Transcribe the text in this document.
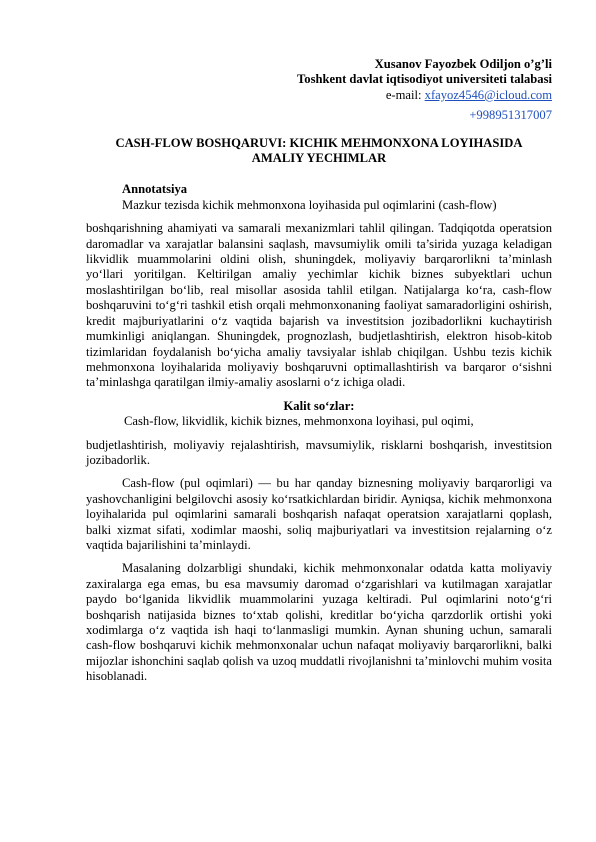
Xusanov Fayozbek Odiljon o’g’li
Toshkent davlat iqtisodiyot universiteti talabasi
e-mail: xfayoz4546@icloud.com
+998951317007
CASH-FLOW BOSHQARUVI: KICHIK MEHMONXONA LOYIHASIDA AMALIY YECHIMLAR
Annotatsiya

Mazkur tezisda kichik mehmonxona loyihasida pul oqimlarini (cash-flow)

boshqarishning ahamiyati va samarali mexanizmlari tahlil qilingan. Tadqiqotda operatsion daromadlar va xarajatlar balansini saqlash, mavsumiylik omili ta’sirida yuzaga keladigan likvidlik muammolarini oldini olish, shuningdek, moliyaviy barqarorlikni ta’minlash yo‘llari yoritilgan. Keltirilgan amaliy yechimlar kichik biznes subyektlari uchun moslashtirilgan bo‘lib, real misollar asosida tahlil etilgan. Natijalarga ko‘ra, cash-flow boshqaruvini to‘g‘ri tashkil etish orqali mehmonxonaning faoliyat samaradorligini oshirish, kredit majburiyatlarini o‘z vaqtida bajarish va investitsion jozibadorlikni kuchaytirish mumkinligi aniqlangan. Shuningdek, prognozlash, budjetlashtirish, elektron hisob-kitob tizimlaridan foydalanish bo‘yicha amaliy tavsiyalar ishlab chiqilgan. Ushbu tezis kichik mehmonxona loyihalarida moliyaviy boshqaruvni optimallashtirish va barqaror o‘sishni ta’minlashga qaratilgan ilmiy-amaliy asoslarni o‘z ichiga oladi.

Kalit so‘zlar:

Cash-flow, likvidlik, kichik biznes, mehmonxona loyihasi, pul oqimi,

budjetlashtirish, moliyaviy rejalashtirish, mavsumiylik, risklarni boshqarish, investitsion jozibadorlik.

Cash-flow (pul oqimlari) — bu har qanday biznesning moliyaviy barqarorligi va yashovchanligini belgilovchi asosiy ko‘rsatkichlardan biridir. Ayniqsa, kichik mehmonxona loyihalarida pul oqimlarini samarali boshqarish nafaqat operatsion xarajatlarni qoplash, balki xizmat sifati, xodimlar maoshi, soliq majburiyatlari va investitsion rejalarning o‘z vaqtida bajarilishini ta’minlaydi.

Masalaning dolzarbligi shundaki, kichik mehmonxonalar odatda katta moliyaviy zaxiralarga ega emas, bu esa mavsumiy daromad o‘zgarishlari va kutilmagan xarajatlar paydo bo‘lganida likvidlik muammolarini yuzaga keltiradi. Pul oqimlarini noto‘g‘ri boshqarish natijasida biznes to‘xtab qolishi, kreditlar bo‘yicha qarzdorlik ortishi yoki xodimlarga o‘z vaqtida ish haqi to‘lanmasligi mumkin. Aynan shuning uchun, samarali cash-flow boshqaruvi kichik mehmonxonalar uchun nafaqat moliyaviy barqarorlikni, balki mijozlar ishonchini saqlab qolish va uzoq muddatli rivojlanishni ta’minlovchi muhim vosita hisoblanadi.
